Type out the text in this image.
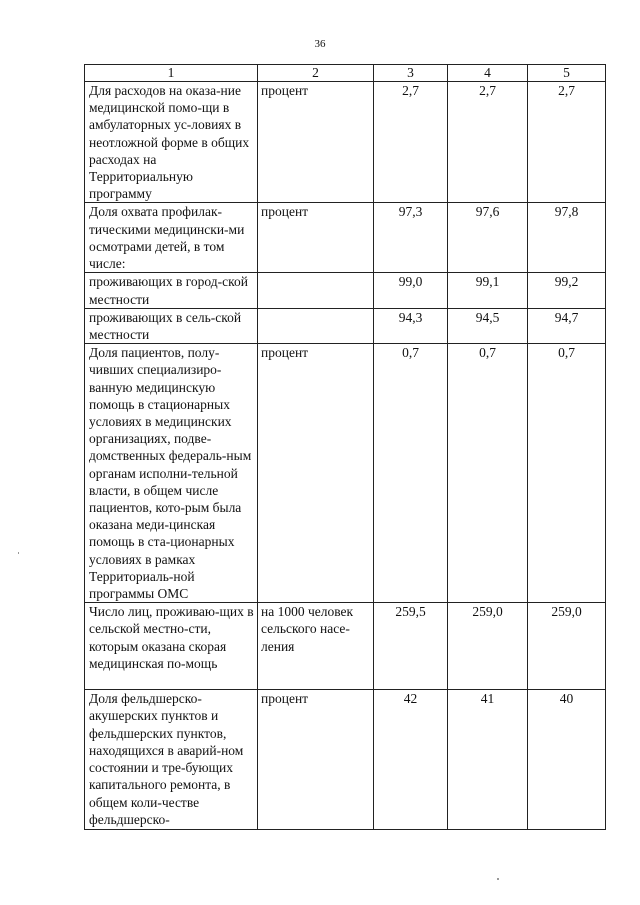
36
1	2	3	4	5
Для расходов на оказа-ние медицинской помо-щи в амбулаторных ус-ловиях в неотложной форме в общих расходах на Территориальную программу	процент	2,7	2,7	2,7
Доля охвата профилак-тическими медицински-ми осмотрами детей, в том числе:	процент	97,3	97,6	97,8
проживающих в город-ской местности		99,0	99,1	99,2
проживающих в сель-ской местности		94,3	94,5	94,7
Доля пациентов, полу-чивших специализиро-ванную медицинскую помощь в стационарных условиях в медицинских организациях, подве-домственных федераль-ным органам исполни-тельной власти, в общем числе пациентов, кото-рым была оказана меди-цинская помощь в ста-ционарных условиях в рамках Территориаль-ной программы ОМС	процент	0,7	0,7	0,7
Число лиц, проживаю-щих в сельской местно-сти, которым оказана скорая медицинская по-мощь	на 1000 человек сельского насе-ления	259,5	259,0	259,0
Доля фельдшерско-акушерских пунктов и фельдшерских пунктов, находящихся в аварий-ном состоянии и тре-бующих капитального ремонта, в общем коли-честве фельдшерско-	процент	42	41	40
